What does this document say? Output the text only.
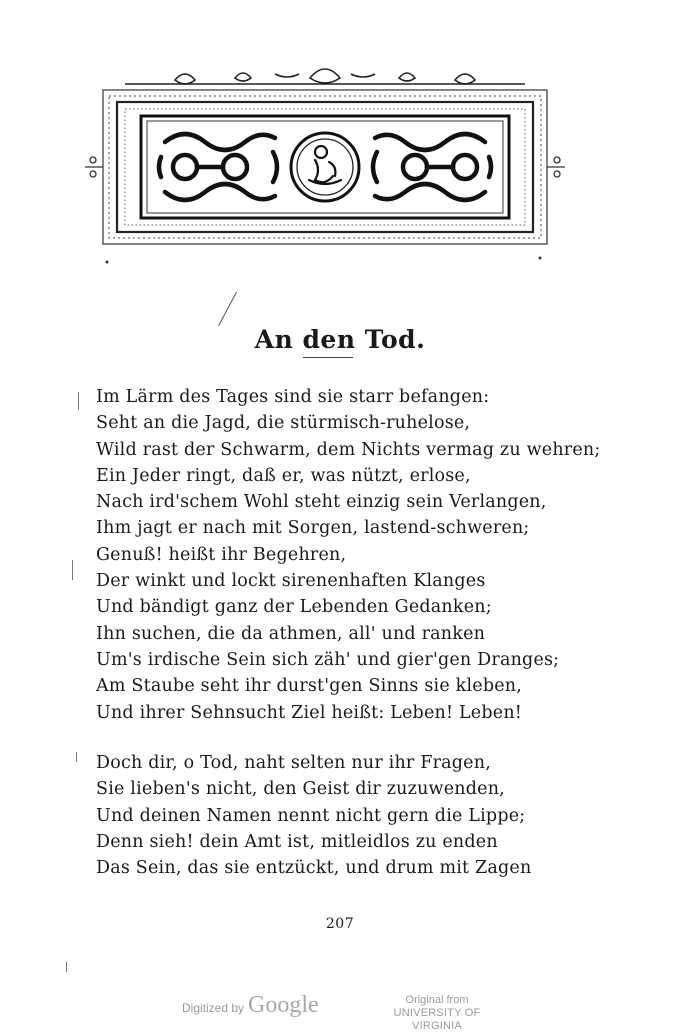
An den Tod.
Im Lärm des Tages sind sie starr befangen:
Seht an die Jagd, die stürmisch-ruhelose,
Wild rast der Schwarm, dem Nichts vermag zu wehren;
Ein Jeder ringt, daß er, was nützt, erlose,
Nach ird'schem Wohl steht einzig sein Verlangen,
Ihm jagt er nach mit Sorgen, lastend-schweren;
Genuß! heißt ihr Begehren,
Der winkt und lockt sirenenhaften Klanges
Und bändigt ganz der Lebenden Gedanken;
Ihn suchen, die da athmen, all' und ranken
Um's irdische Sein sich zäh' und gier'gen Dranges;
Am Staube seht ihr durst'gen Sinns sie kleben,
Und ihrer Sehnsucht Ziel heißt: Leben! Leben!
Doch dir, o Tod, naht selten nur ihr Fragen,
Sie lieben's nicht, den Geist dir zuzuwenden,
Und deinen Namen nennt nicht gern die Lippe;
Denn sieh! dein Amt ist, mitleidlos zu enden
Das Sein, das sie entzückt, und drum mit Zagen
207
Digitized by Google	Original from
UNIVERSITY OF VIRGINIA
